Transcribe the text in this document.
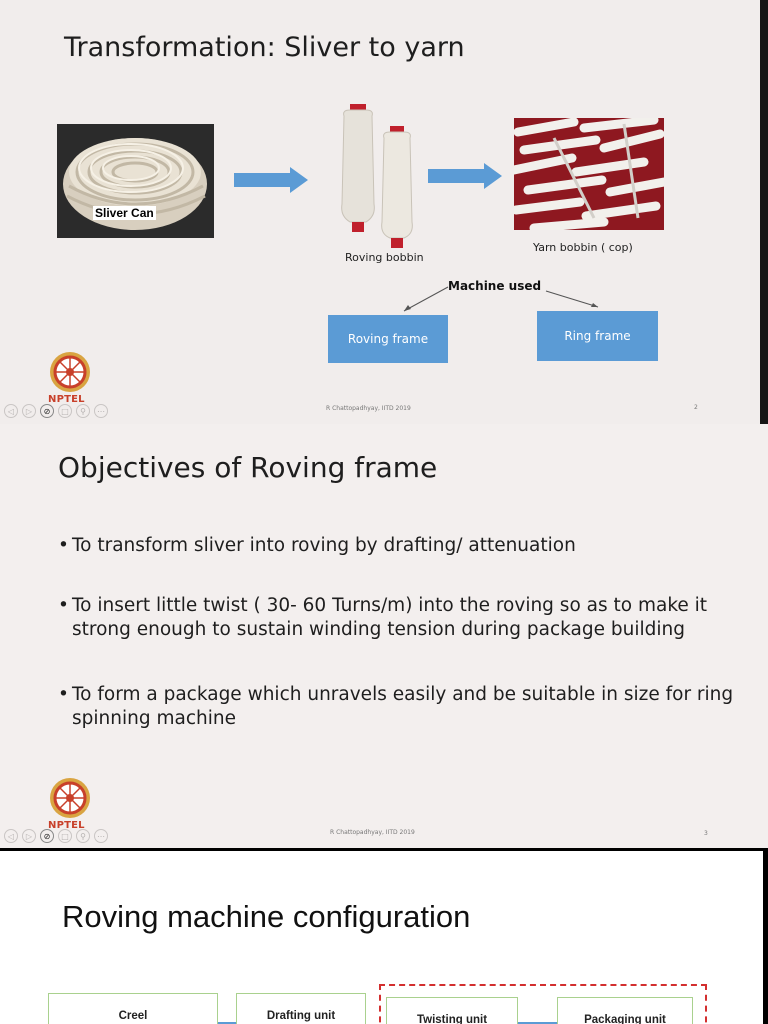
Transformation: Sliver to yarn
Sliver Can
Roving bobbin
Yarn bobbin ( cop)
Machine used
Roving frame	Ring frame
NPTEL
◁	▷	⊘	□	⚲	⋯	R Chattopadhyay, IITD 2019	2
Objectives of Roving frame
• To transform sliver into roving by drafting/ attenuation
• To insert little twist ( 30- 60 Turns/m) into the roving so as to make it strong enough to sustain winding tension during package building
• To form a package which unravels easily and be suitable in size for ring spinning machine
NPTEL
◁	▷	⊘	□	⚲	⋯	R Chattopadhyay, IITD 2019	3
Roving machine configuration
Creel	Drafting unit	Twisting unit	Packaging unit
